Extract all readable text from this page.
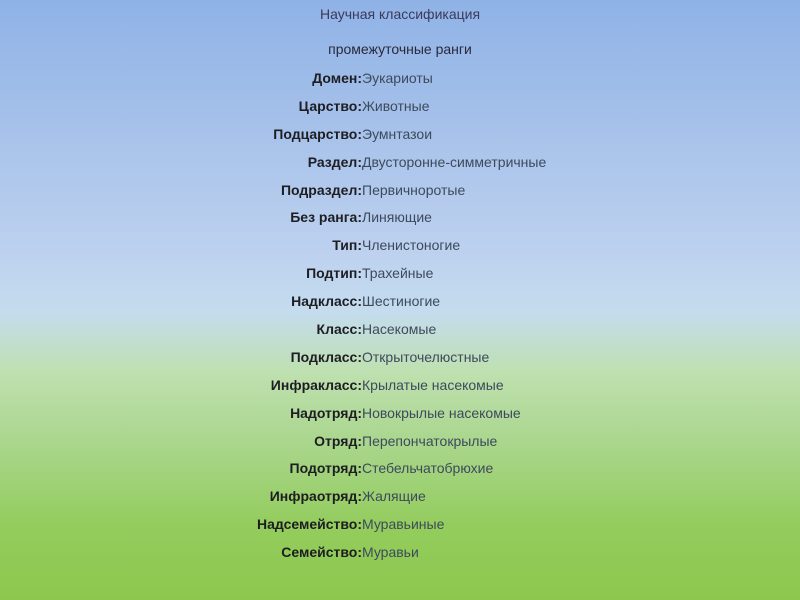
Научная классификация
промежуточные ранги
Домен: Эукариоты
Царство: Животные
Подцарство: Эумнтазои
Раздел: Двусторонне-симметричные
Подраздел: Первичноротые
Без ранга: Линяющие
Тип: Членистоногие
Подтип: Трахейные
Надкласс: Шестиногие
Класс: Насекомые
Подкласс: Открыточелюстные
Инфракласс: Крылатые насекомые
Надотряд: Новокрылые насекомые
Отряд: Перепончатокрылые
Подотряд: Стебельчатобрюхие
Инфраотряд: Жалящие
Надсемейство: Муравьиные
Семейство: Муравьи
